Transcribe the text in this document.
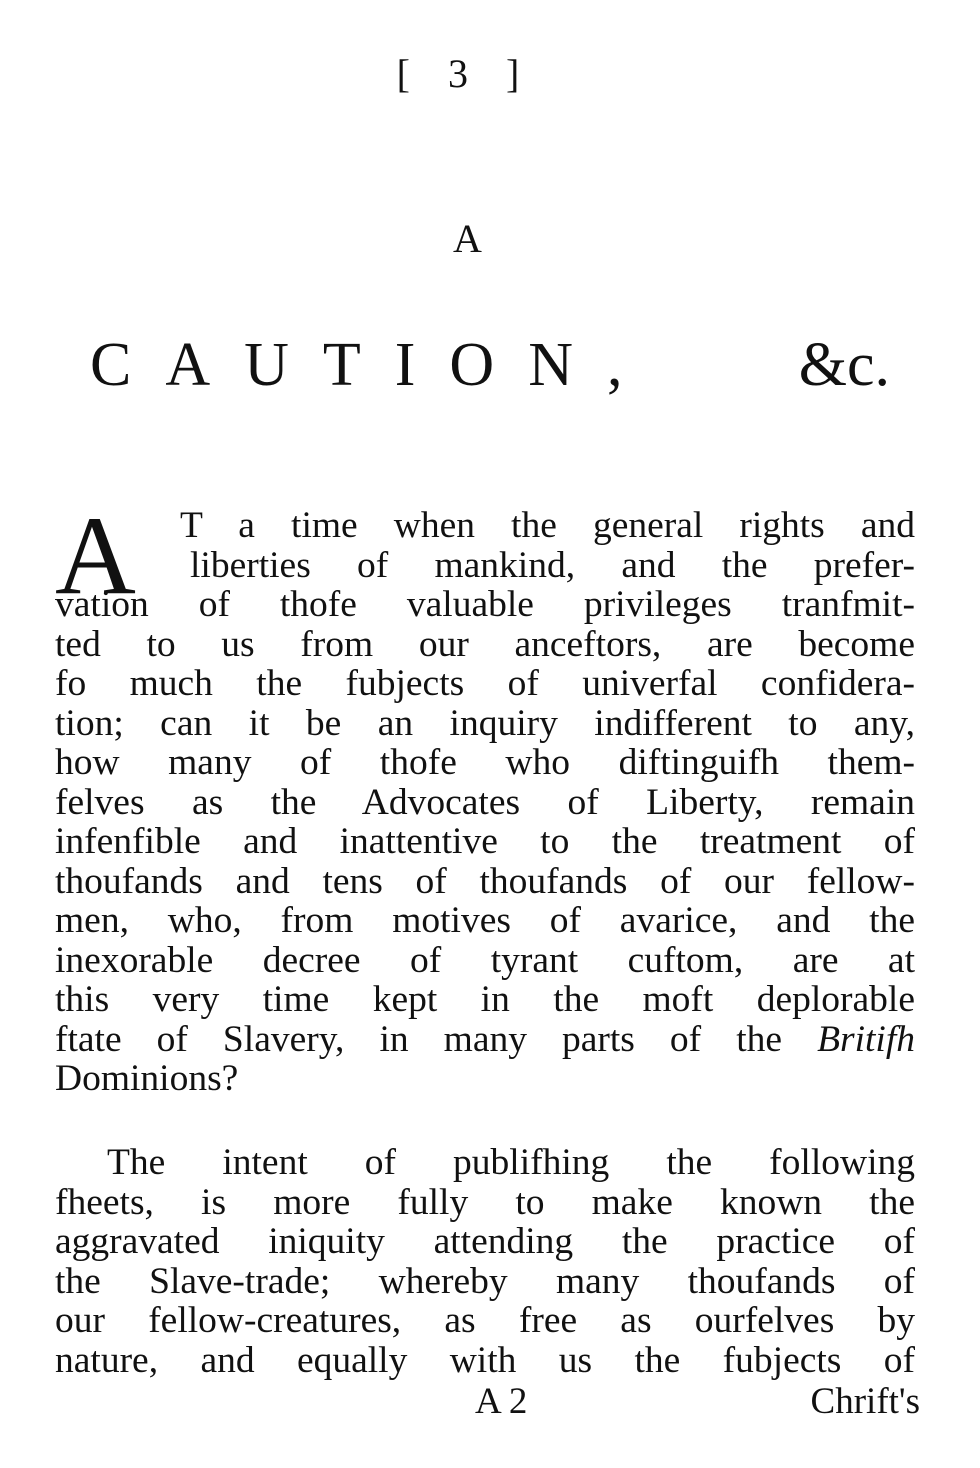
[ 3 ]
A
CAUTION, &c.
A	T a time when the general rights and
liberties of mankind, and the prefer-
vation of thofe valuable privileges tranfmit-
ted to us from our anceftors, are become
fo much the fubjects of univerfal confidera-
tion; can it be an inquiry indifferent to any,
how many of thofe who diftinguifh them-
felves as the Advocates of Liberty, remain
infenfible and inattentive to the treatment of
thoufands and tens of thoufands of our fellow-
men, who, from motives of avarice, and the
inexorable decree of tyrant cuftom, are at
this very time kept in the moft deplorable
ftate of Slavery, in many parts of the Britifh
Dominions?
The intent of publifhing the following
fheets, is more fully to make known the
aggravated iniquity attending the practice of
the Slave-trade; whereby many thoufands of
our fellow-creatures, as free as ourfelves by
nature, and equally with us the fubjects of
A 2	Chrift's
